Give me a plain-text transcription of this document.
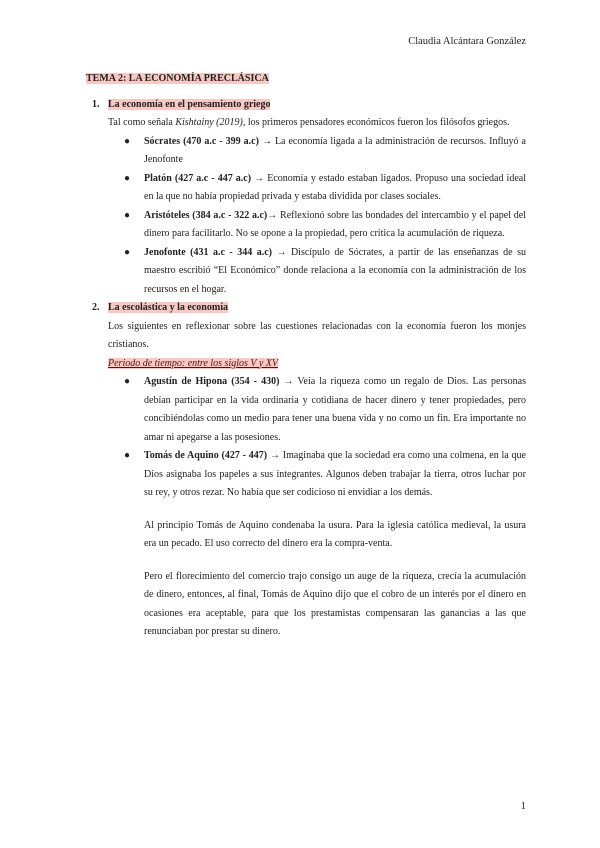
Claudia Alcántara González

TEMA 2: LA ECONOMÍA PRECLÁSICA

1. La economía en el pensamiento griego

Tal como señala Kishtainy (2019), los primeros pensadores económicos fueron los filósofos griegos.

● Sócrates (470 a.c - 399 a.c) → La economía ligada a la administración de recursos. Influyó a Jenofonte

● Platón (427 a.c - 447 a.c) → Economía y estado estaban ligados. Propuso una sociedad ideal en la que no había propiedad privada y estaba dividida por clases sociales.

● Aristóteles (384 a.c - 322 a.c)→ Reflexionó sobre las bondades del intercambio y el papel del dinero para facilitarlo. No se opone a la propiedad, pero critica la acumulación de riqueza.

● Jenofonte (431 a.c - 344 a.c) → Discípulo de Sócrates, a partir de las enseñanzas de su maestro escribió “El Económico” donde relaciona a la economía con la administración de los recursos en el hogar.

2. La escolástica y la economía

Los siguientes en reflexionar sobre las cuestiones relacionadas con la economía fueron los monjes cristianos.

Periodo de tiempo: entre los siglos V y XV

● Agustín de Hipona (354 - 430) → Veía la riqueza como un regalo de Dios. Las personas debían participar en la vida ordinaria y cotidiana de hacer dinero y tener propiedades, pero concibiéndolas como un medio para tener una buena vida y no como un fin. Era importante no amar ni apegarse a las posesiones.

● Tomás de Aquino (427 - 447) → Imaginaba que la sociedad era como una colmena, en la que Dios asignaba los papeles a sus integrantes. Algunos deben trabajar la tierra, otros luchar por su rey, y otros rezar. No había que ser codicioso ni envidiar a los demás.

Al principio Tomás de Aquino condenaba la usura. Para la iglesia católica medieval, la usura era un pecado. El uso correcto del dinero era la compra-venta.

Pero el florecimiento del comercio trajo consigo un auge de la riqueza, crecía la acumulación de dinero, entonces, al final, Tomás de Aquino dijo que el cobro de un interés por el dinero en ocasiones era aceptable, para que los prestamistas compensaran las ganancias a las que renunciaban por prestar su dinero.

1
